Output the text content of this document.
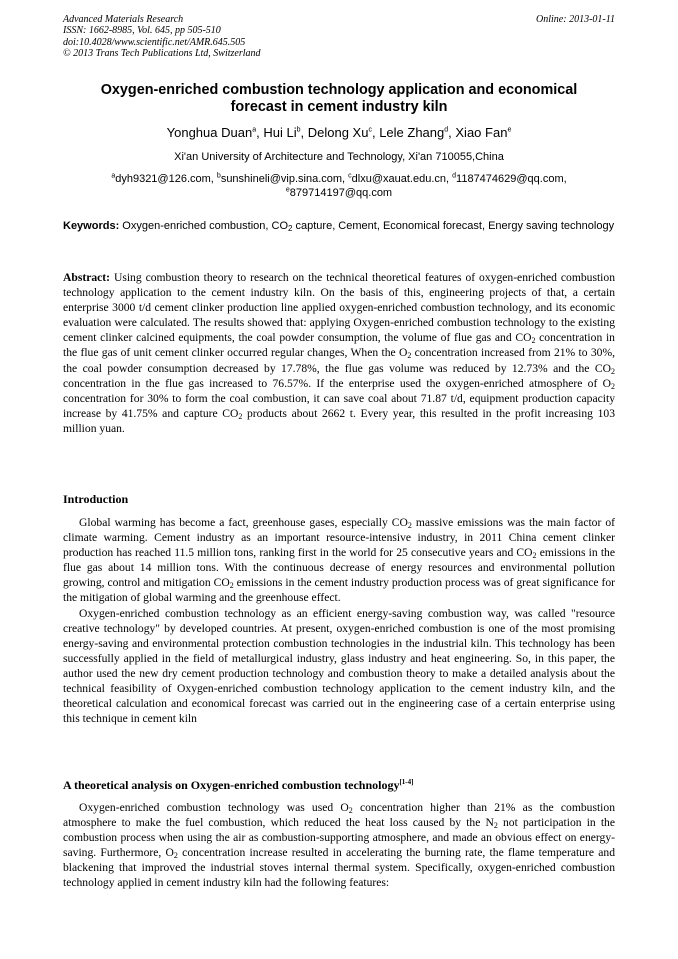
Advanced Materials Research
ISSN: 1662-8985, Vol. 645, pp 505-510
doi:10.4028/www.scientific.net/AMR.645.505
© 2013 Trans Tech Publications Ltd, Switzerland
Online: 2013-01-11
Oxygen-enriched combustion technology application and economical
forecast in cement industry kiln
Yonghua Duan$^a$, Hui Li$^b$, Delong Xu$^c$, Lele Zhang$^d$, Xiao Fan$^e$
Xi'an University of Architecture and Technology, Xi'an 710055,China
$^a$dyh9321@126.com, $^b$sunshineli@vip.sina.com, $^c$dlxu@xauat.edu.cn, $^d$1187474629@qq.com,
$^e$879714197@qq.com
Keywords: Oxygen-enriched combustion, $CO_2$ capture, Cement, Economical forecast, Energy saving technology
Abstract: Using combustion theory to research on the technical theoretical features of oxygen-enriched combustion technology application to the cement industry kiln. On the basis of this, engineering projects of that, a certain enterprise 3000 t/d cement clinker production line applied oxygen-enriched combustion technology, and its economic evaluation were calculated. The results showed that: applying Oxygen-enriched combustion technology to the existing cement clinker calcined equipments, the coal powder consumption, the volume of flue gas and $CO_2$ concentration in the flue gas of unit cement clinker occurred regular changes, When the $O_2$ concentration increased from 21% to 30%, the coal powder consumption decreased by 17.78%, the flue gas volume was reduced by 12.73% and the $CO_2$ concentration in the flue gas increased to 76.57%. If the enterprise used the oxygen-enriched atmosphere of $O_2$ concentration for 30% to form the coal combustion, it can save coal about 71.87 t/d, equipment production capacity increase by 41.75% and capture $CO_2$ products about 2662 t. Every year, this resulted in the profit increasing 103 million yuan.
Introduction

Global warming has become a fact, greenhouse gases, especially $CO_2$ massive emissions was the main factor of climate warming. Cement industry as an important resource-intensive industry, in 2011 China cement clinker production has reached 11.5 million tons, ranking first in the world for 25 consecutive years and $CO_2$ emissions in the flue gas about 14 million tons. With the continuous decrease of energy resources and environmental pollution growing, control and mitigation $CO_2$ emissions in the cement industry production process was of great significance for the mitigation of global warming and the greenhouse effect.

Oxygen-enriched combustion technology as an efficient energy-saving combustion way, was called "resource creative technology" by developed countries. At present, oxygen-enriched combustion is one of the most promising energy-saving and environmental protection combustion technologies in the industrial kiln. This technology has been successfully applied in the field of metallurgical industry, glass industry and heat engineering. So, in this paper, the author used the new dry cement production technology and combustion theory to make a detailed analysis about the technical feasibility of Oxygen-enriched combustion technology application to the cement industry kiln, and the theoretical calculation and economical forecast was carried out in the engineering case of a certain enterprise using this technique in cement kiln

A theoretical analysis on Oxygen-enriched combustion technology[1-4]

Oxygen-enriched combustion technology was used $O_2$ concentration higher than 21% as the combustion atmosphere to make the fuel combustion, which reduced the heat loss caused by the $N_2$ not participation in the combustion process when using the air as combustion-supporting atmosphere, and made an obvious effect on energy-saving. Furthermore, $O_2$ concentration increase resulted in accelerating the burning rate, the flame temperature and blackening that improved the industrial stoves internal thermal system. Specifically, oxygen-enriched combustion technology applied in cement industry kiln had the following features:
